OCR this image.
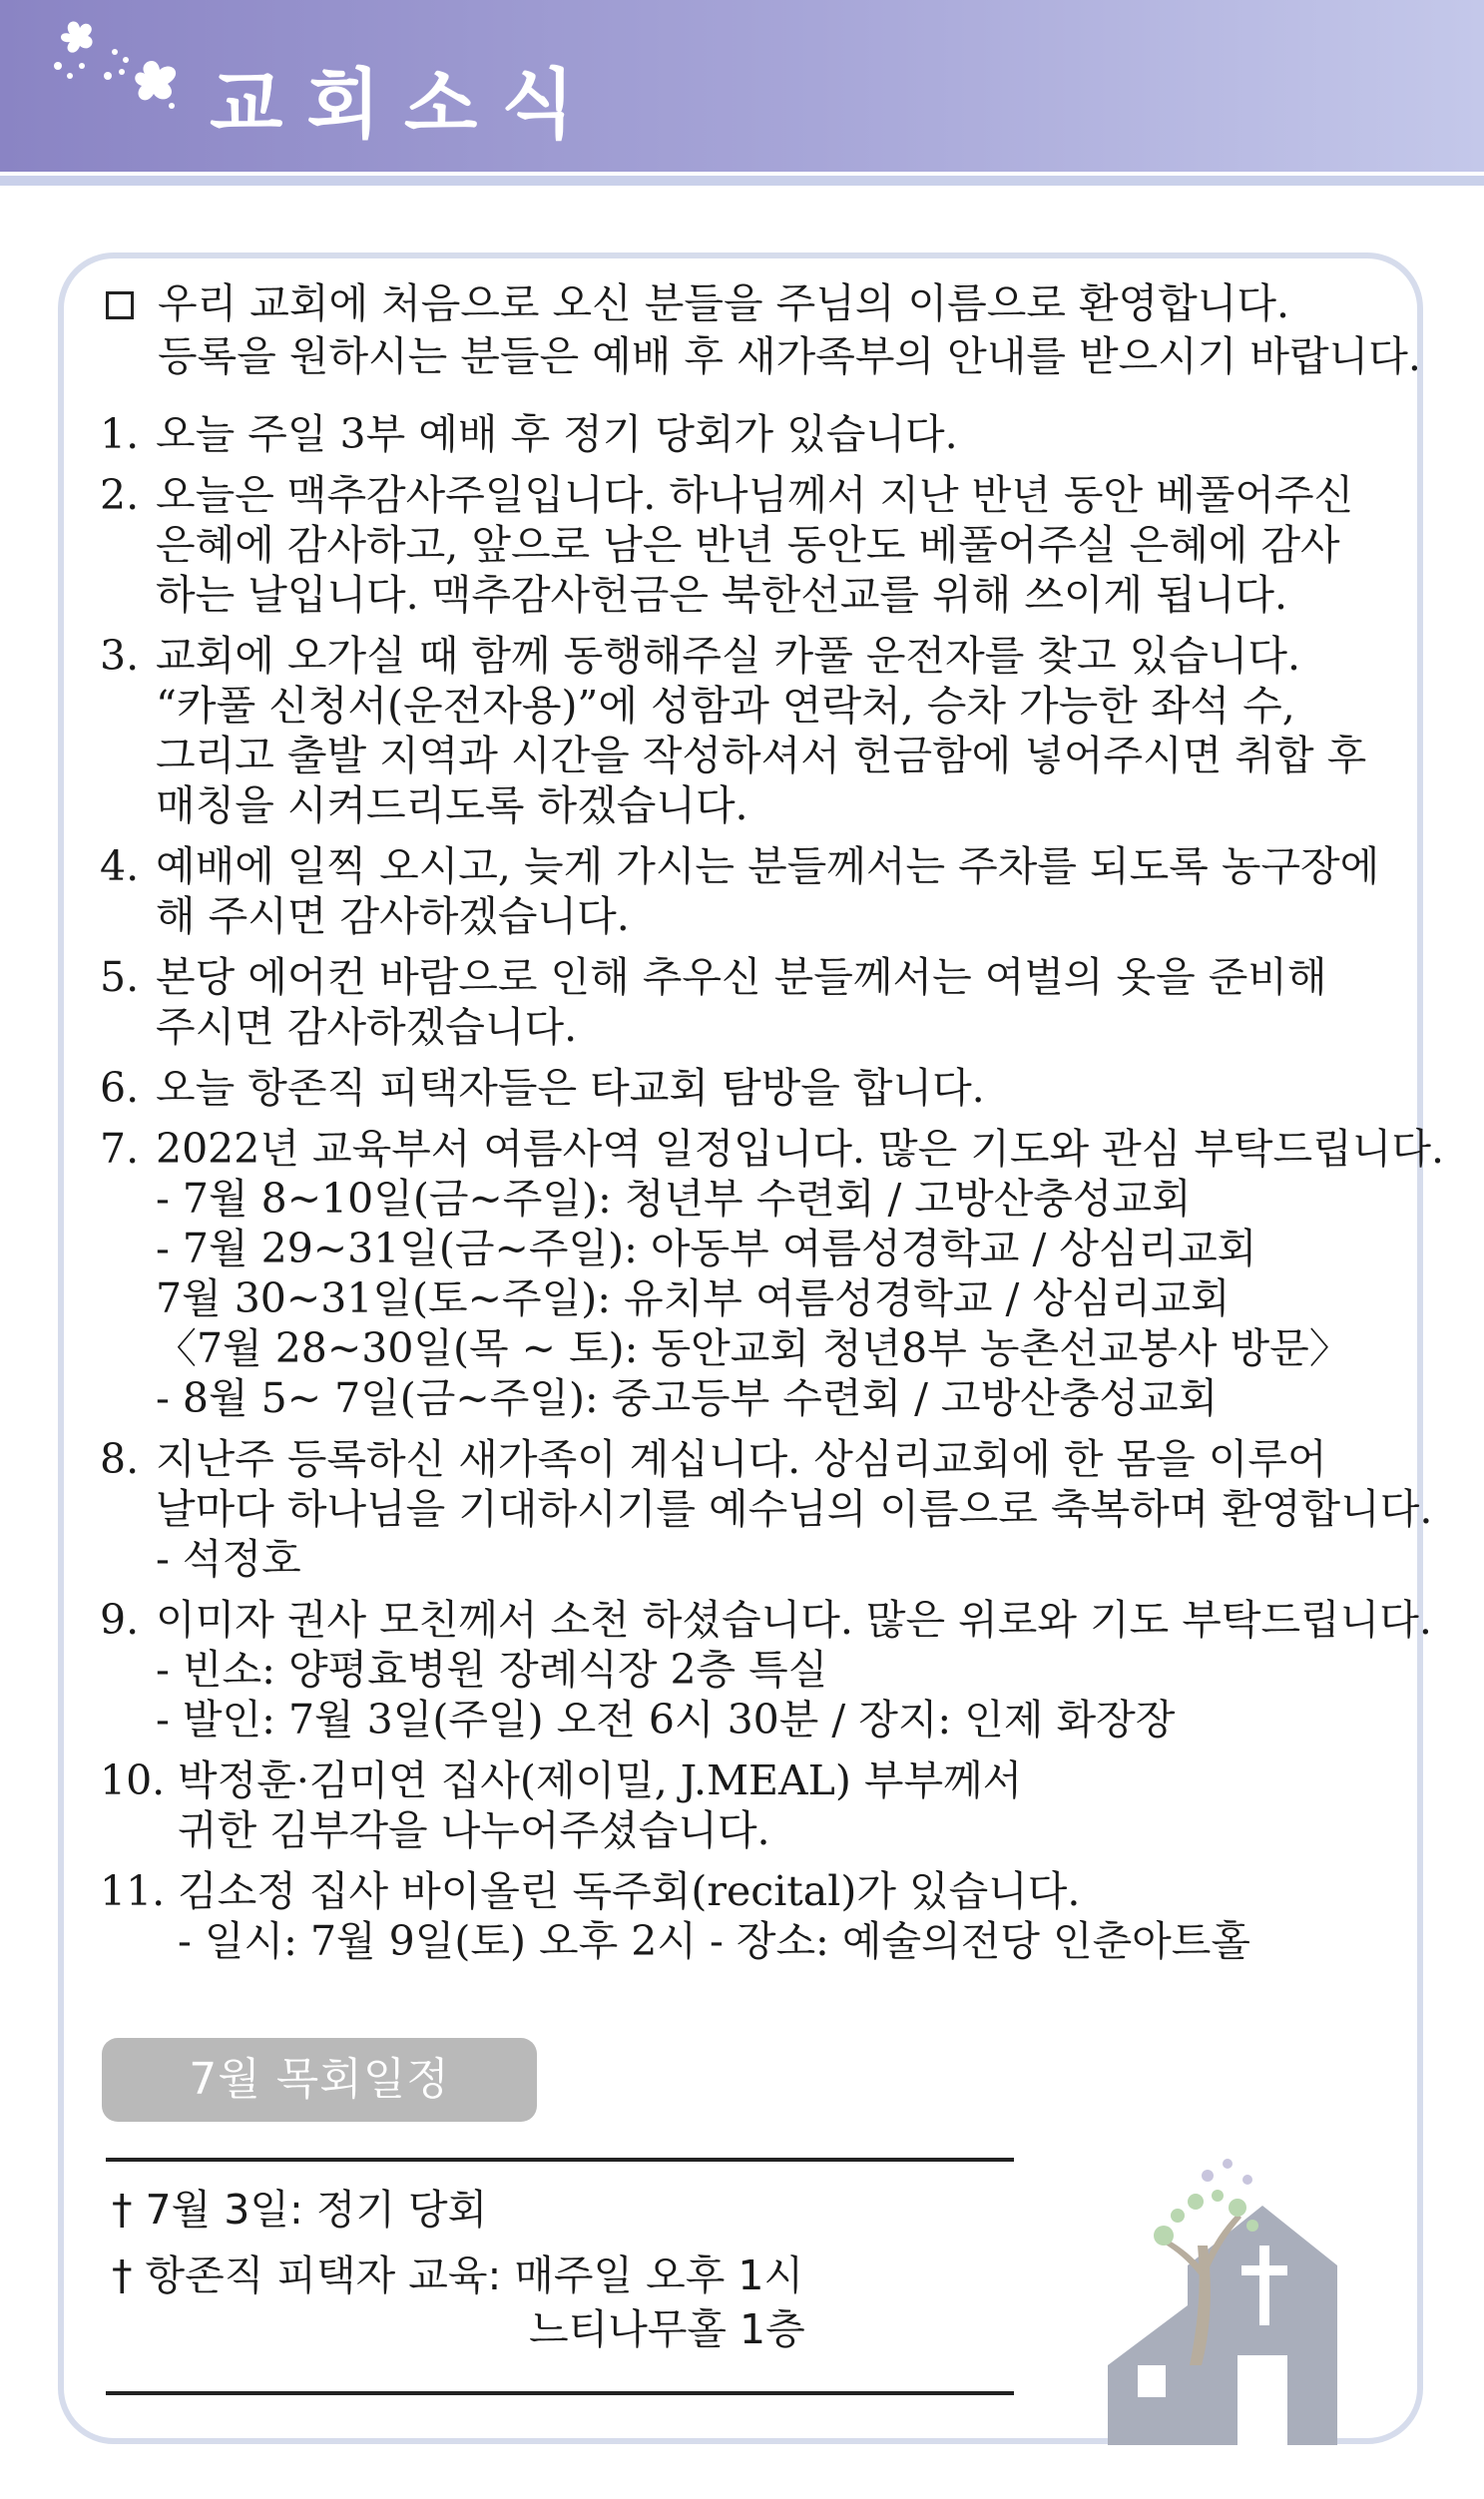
교회소식
우리 교회에 처음으로 오신 분들을 주님의 이름으로 환영합니다.
등록을 원하시는 분들은 예배 후 새가족부의 안내를 받으시기 바랍니다.
1. 오늘 주일 3부 예배 후 정기 당회가 있습니다.
2. 오늘은 맥추감사주일입니다. 하나님께서 지난 반년 동안 베풀어주신
은혜에 감사하고, 앞으로 남은 반년 동안도 베풀어주실 은혜에 감사
하는 날입니다. 맥추감사헌금은 북한선교를 위해 쓰이게 됩니다.
3. 교회에 오가실 때 함께 동행해주실 카풀 운전자를 찾고 있습니다.
“카풀 신청서(운전자용)”에 성함과 연락처, 승차 가능한 좌석 수,
그리고 출발 지역과 시간을 작성하셔서 헌금함에 넣어주시면 취합 후
매칭을 시켜드리도록 하겠습니다.
4. 예배에 일찍 오시고, 늦게 가시는 분들께서는 주차를 되도록 농구장에
해 주시면 감사하겠습니다.
5. 본당 에어컨 바람으로 인해 추우신 분들께서는 여벌의 옷을 준비해
주시면 감사하겠습니다.
6. 오늘 항존직 피택자들은 타교회 탐방을 합니다.
7. 2022년 교육부서 여름사역 일정입니다. 많은 기도와 관심 부탁드립니다.
- 7월 8~10일(금~주일): 청년부 수련회 / 고방산충성교회
- 7월 29~31일(금~주일): 아동부 여름성경학교 / 상심리교회
7월 30~31일(토~주일): 유치부 여름성경학교 / 상심리교회
〈7월 28~30일(목 ~ 토): 동안교회 청년8부 농촌선교봉사 방문〉
- 8월 5~ 7일(금~주일): 중고등부 수련회 / 고방산충성교회
8. 지난주 등록하신 새가족이 계십니다. 상심리교회에 한 몸을 이루어
날마다 하나님을 기대하시기를 예수님의 이름으로 축복하며 환영합니다.
- 석정호
9. 이미자 권사 모친께서 소천 하셨습니다. 많은 위로와 기도 부탁드립니다.
- 빈소: 양평효병원 장례식장 2층 특실
- 발인: 7월 3일(주일) 오전 6시 30분 / 장지: 인제 화장장
10. 박정훈·김미연 집사(제이밀, J.MEAL) 부부께서
귀한 김부각을 나누어주셨습니다.
11. 김소정 집사 바이올린 독주회(recital)가 있습니다.
- 일시: 7월 9일(토) 오후 2시 - 장소: 예술의전당 인춘아트홀
7월 목회일정
† 7월 3일: 정기 당회
† 항존직 피택자 교육: 매주일 오후 1시
느티나무홀 1층
